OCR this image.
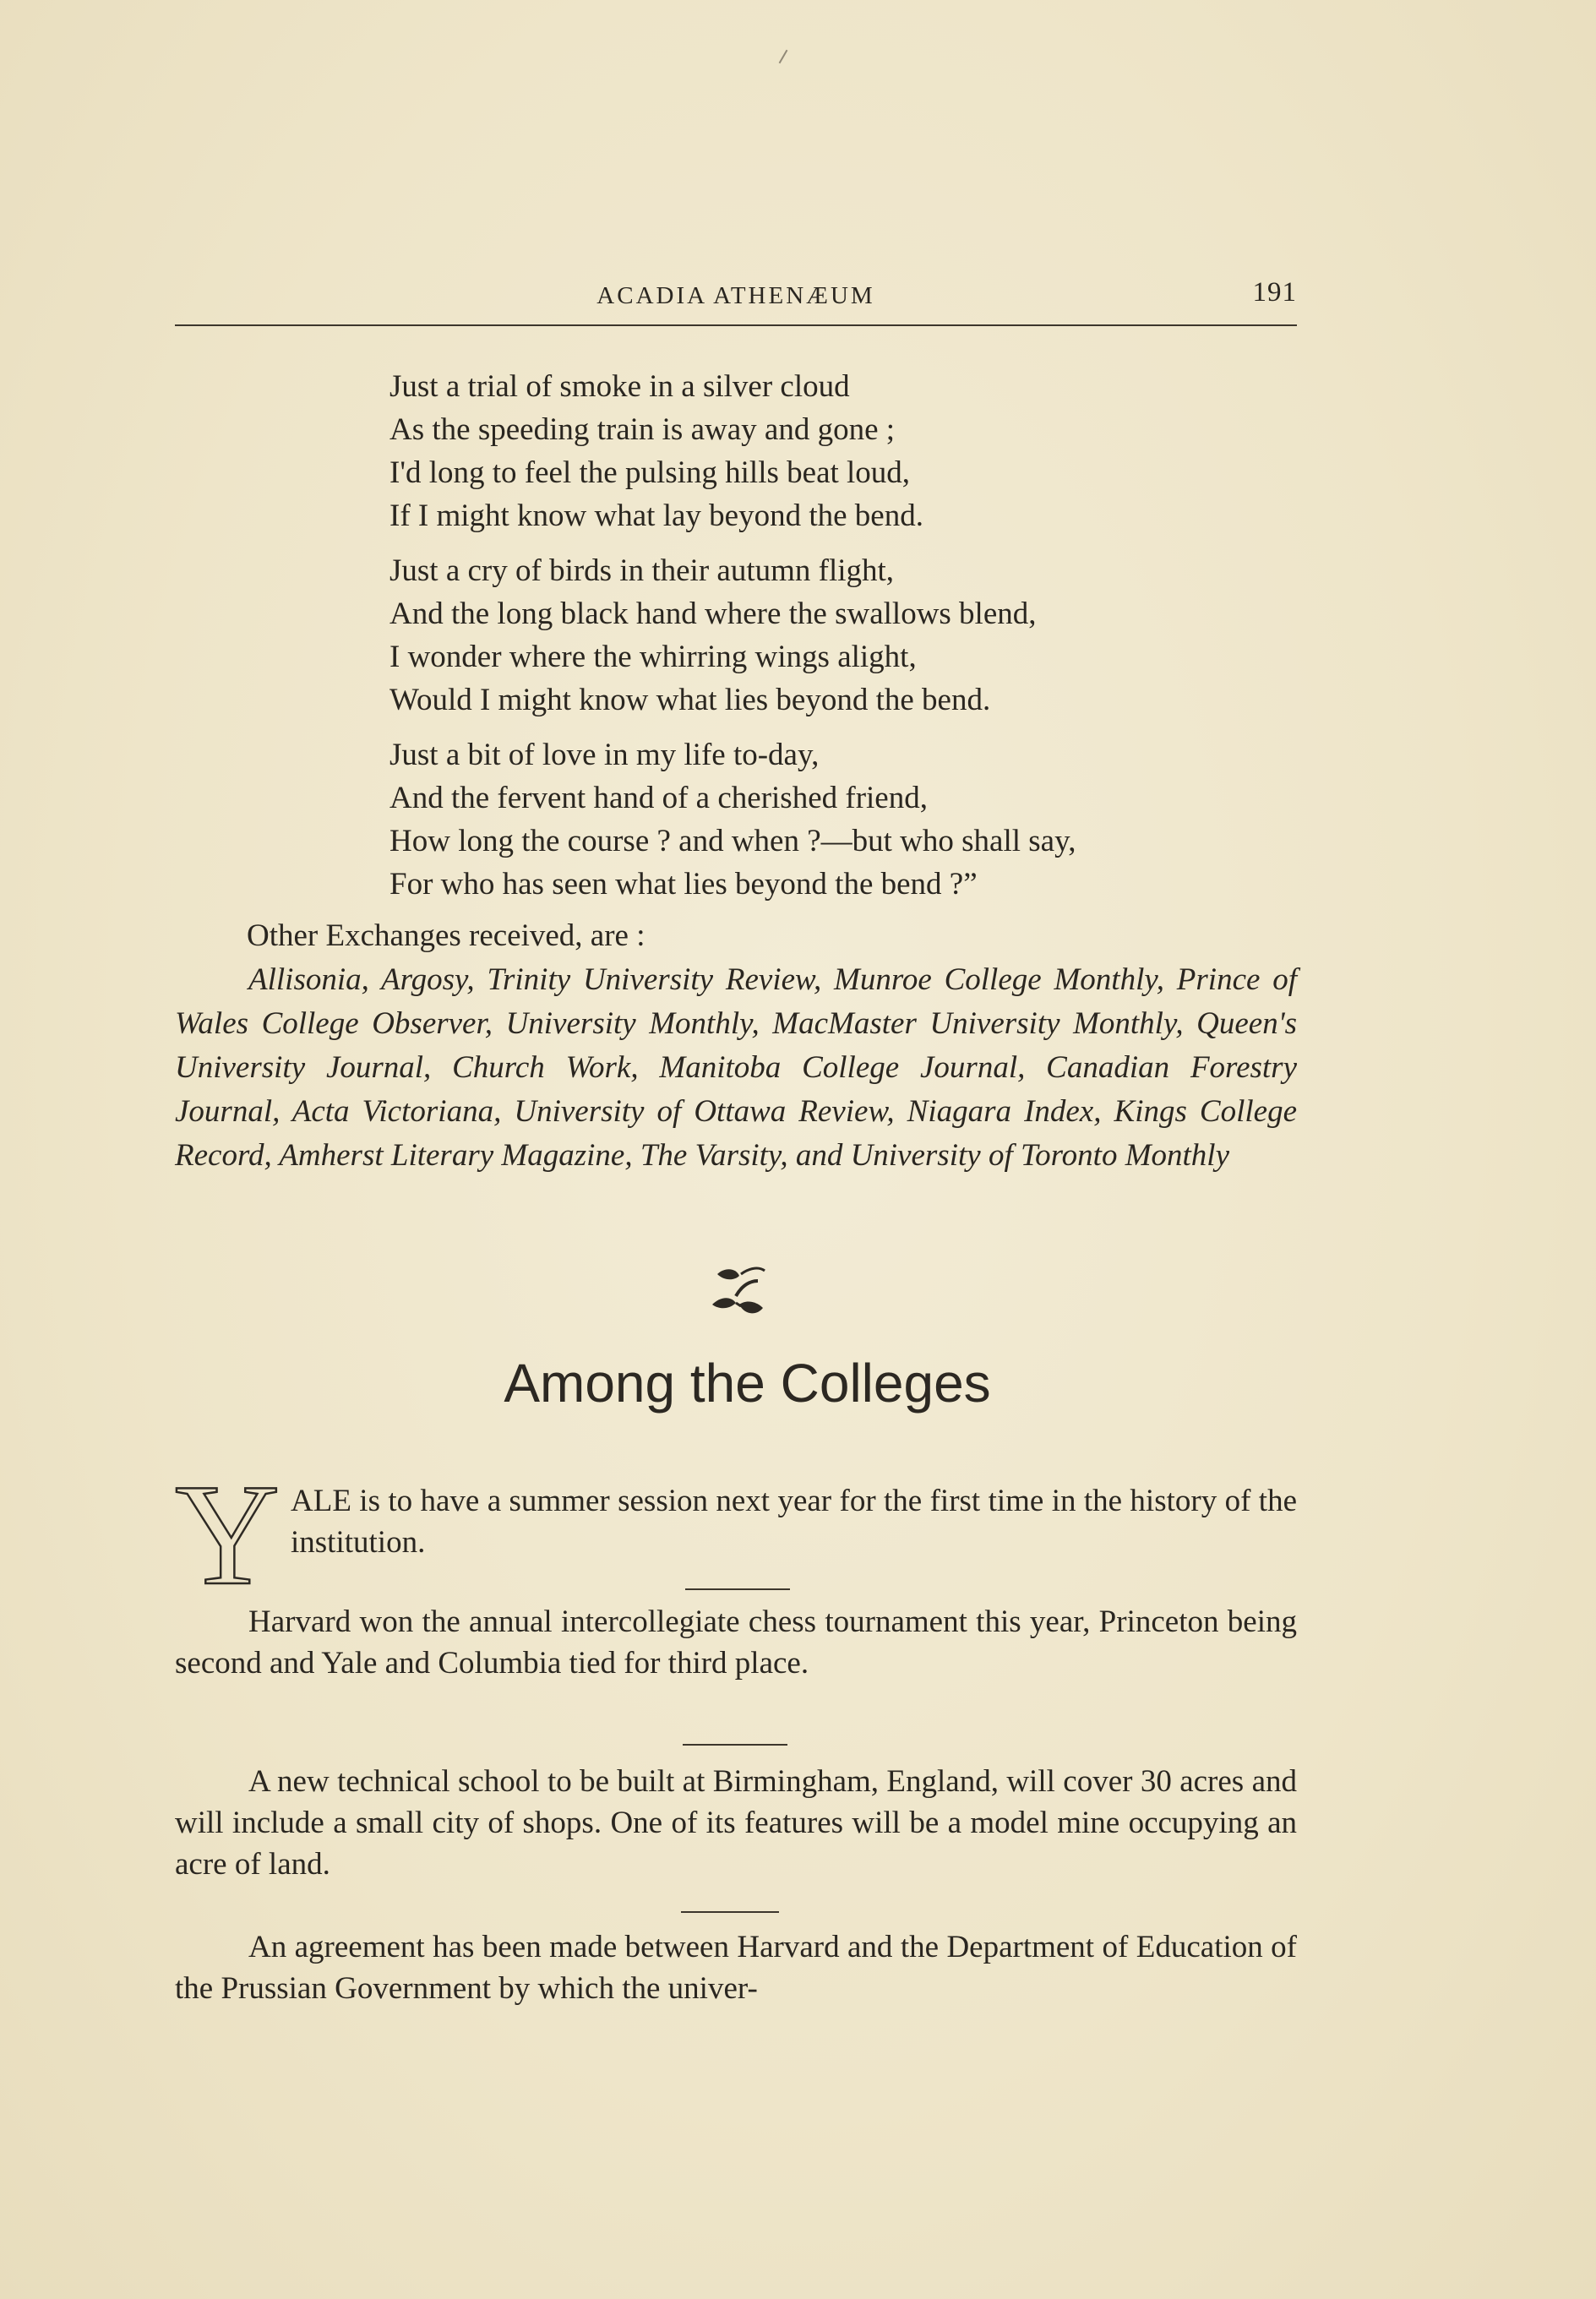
ACADIA ATHENÆUM	191
Just a trial of smoke in a silver cloud
As the speeding train is away and gone ;
I'd long to feel the pulsing hills beat loud,
If I might know what lay beyond the bend.
Just a cry of birds in their autumn flight,
And the long black hand where the swallows blend,
I wonder where the whirring wings alight,
Would I might know what lies beyond the bend.
Just a bit of love in my life to-day,
And the fervent hand of a cherished friend,
How long the course ? and when ?—but who shall say,
For who has seen what lies beyond the bend ?”
Other Exchanges received, are :
Allisonia, Argosy, Trinity University Review, Munroe College Monthly, Prince of Wales College Observer, University Monthly, MacMaster University Monthly, Queen's University Journal, Church Work, Manitoba College Journal, Canadian Forestry Journal, Acta Victoriana, University of Ottawa Review, Niagara Index, Kings College Record, Amherst Literary Magazine, The Varsity, and University of Toronto Monthly
Among the Colleges
Y ALE is to have a summer session next year for the first time in the history of the institution.
Harvard won the annual intercollegiate chess tournament this year, Princeton being second and Yale and Columbia tied for third place.
A new technical school to be built at Birmingham, England, will cover 30 acres and will include a small city of shops. One of its features will be a model mine occupying an acre of land.
An agreement has been made between Harvard and the Department of Education of the Prussian Government by which the univer-
